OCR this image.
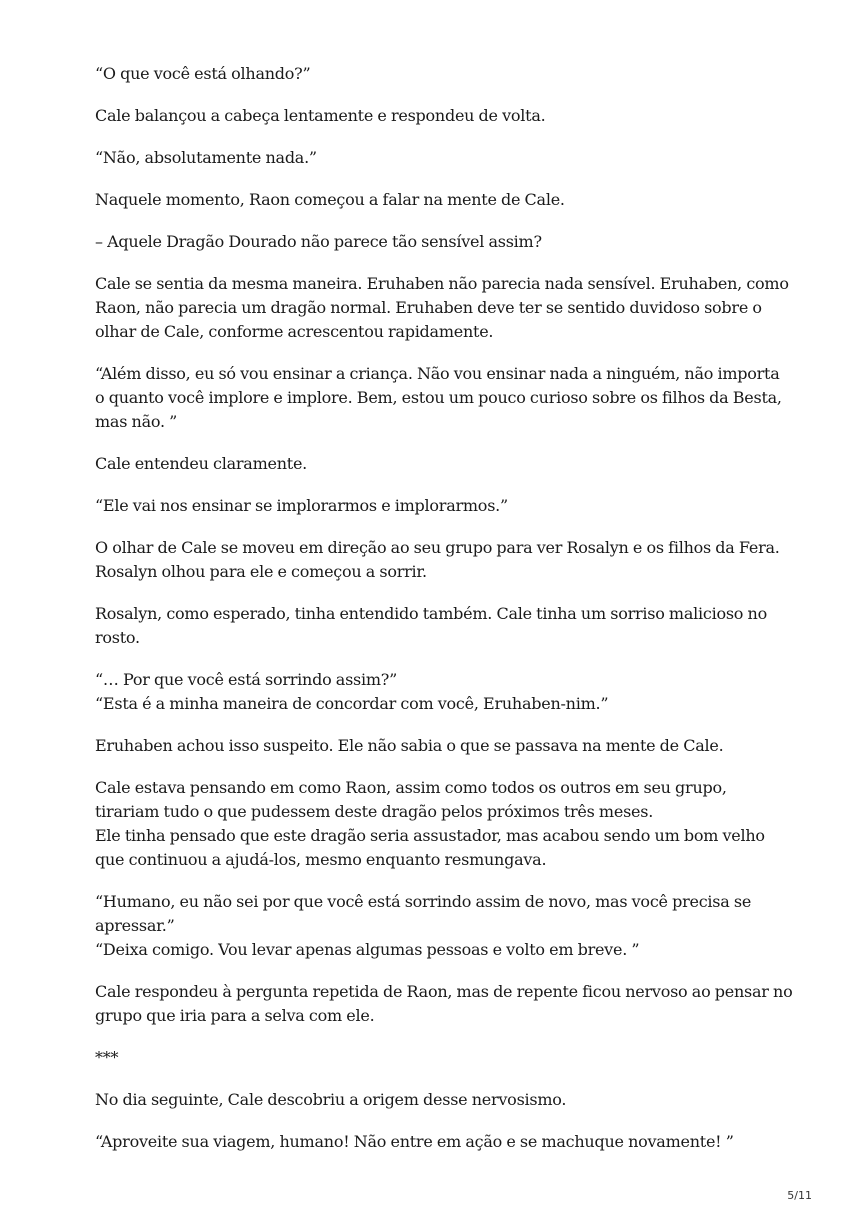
“O que você está olhando?”

Cale balançou a cabeça lentamente e respondeu de volta.

“Não, absolutamente nada.”

Naquele momento, Raon começou a falar na mente de Cale.

– Aquele Dragão Dourado não parece tão sensível assim?

Cale se sentia da mesma maneira. Eruhaben não parecia nada sensível. Eruhaben, como
Raon, não parecia um dragão normal. Eruhaben deve ter se sentido duvidoso sobre o
olhar de Cale, conforme acrescentou rapidamente.

“Além disso, eu só vou ensinar a criança. Não vou ensinar nada a ninguém, não importa
o quanto você implore e implore. Bem, estou um pouco curioso sobre os filhos da Besta,
mas não. ”

Cale entendeu claramente.

“Ele vai nos ensinar se implorarmos e implorarmos.”

O olhar de Cale se moveu em direção ao seu grupo para ver Rosalyn e os filhos da Fera.
Rosalyn olhou para ele e começou a sorrir.

Rosalyn, como esperado, tinha entendido também. Cale tinha um sorriso malicioso no
rosto.

“… Por que você está sorrindo assim?”
“Esta é a minha maneira de concordar com você, Eruhaben-nim.”

Eruhaben achou isso suspeito. Ele não sabia o que se passava na mente de Cale.

Cale estava pensando em como Raon, assim como todos os outros em seu grupo,
tirariam tudo o que pudessem deste dragão pelos próximos três meses.
Ele tinha pensado que este dragão seria assustador, mas acabou sendo um bom velho
que continuou a ajudá-los, mesmo enquanto resmungava.

“Humano, eu não sei por que você está sorrindo assim de novo, mas você precisa se
apressar.”
“Deixa comigo. Vou levar apenas algumas pessoas e volto em breve. ”

Cale respondeu à pergunta repetida de Raon, mas de repente ficou nervoso ao pensar no
grupo que iria para a selva com ele.

***

No dia seguinte, Cale descobriu a origem desse nervosismo.

“Aproveite sua viagem, humano! Não entre em ação e se machuque novamente! ”

5/11
